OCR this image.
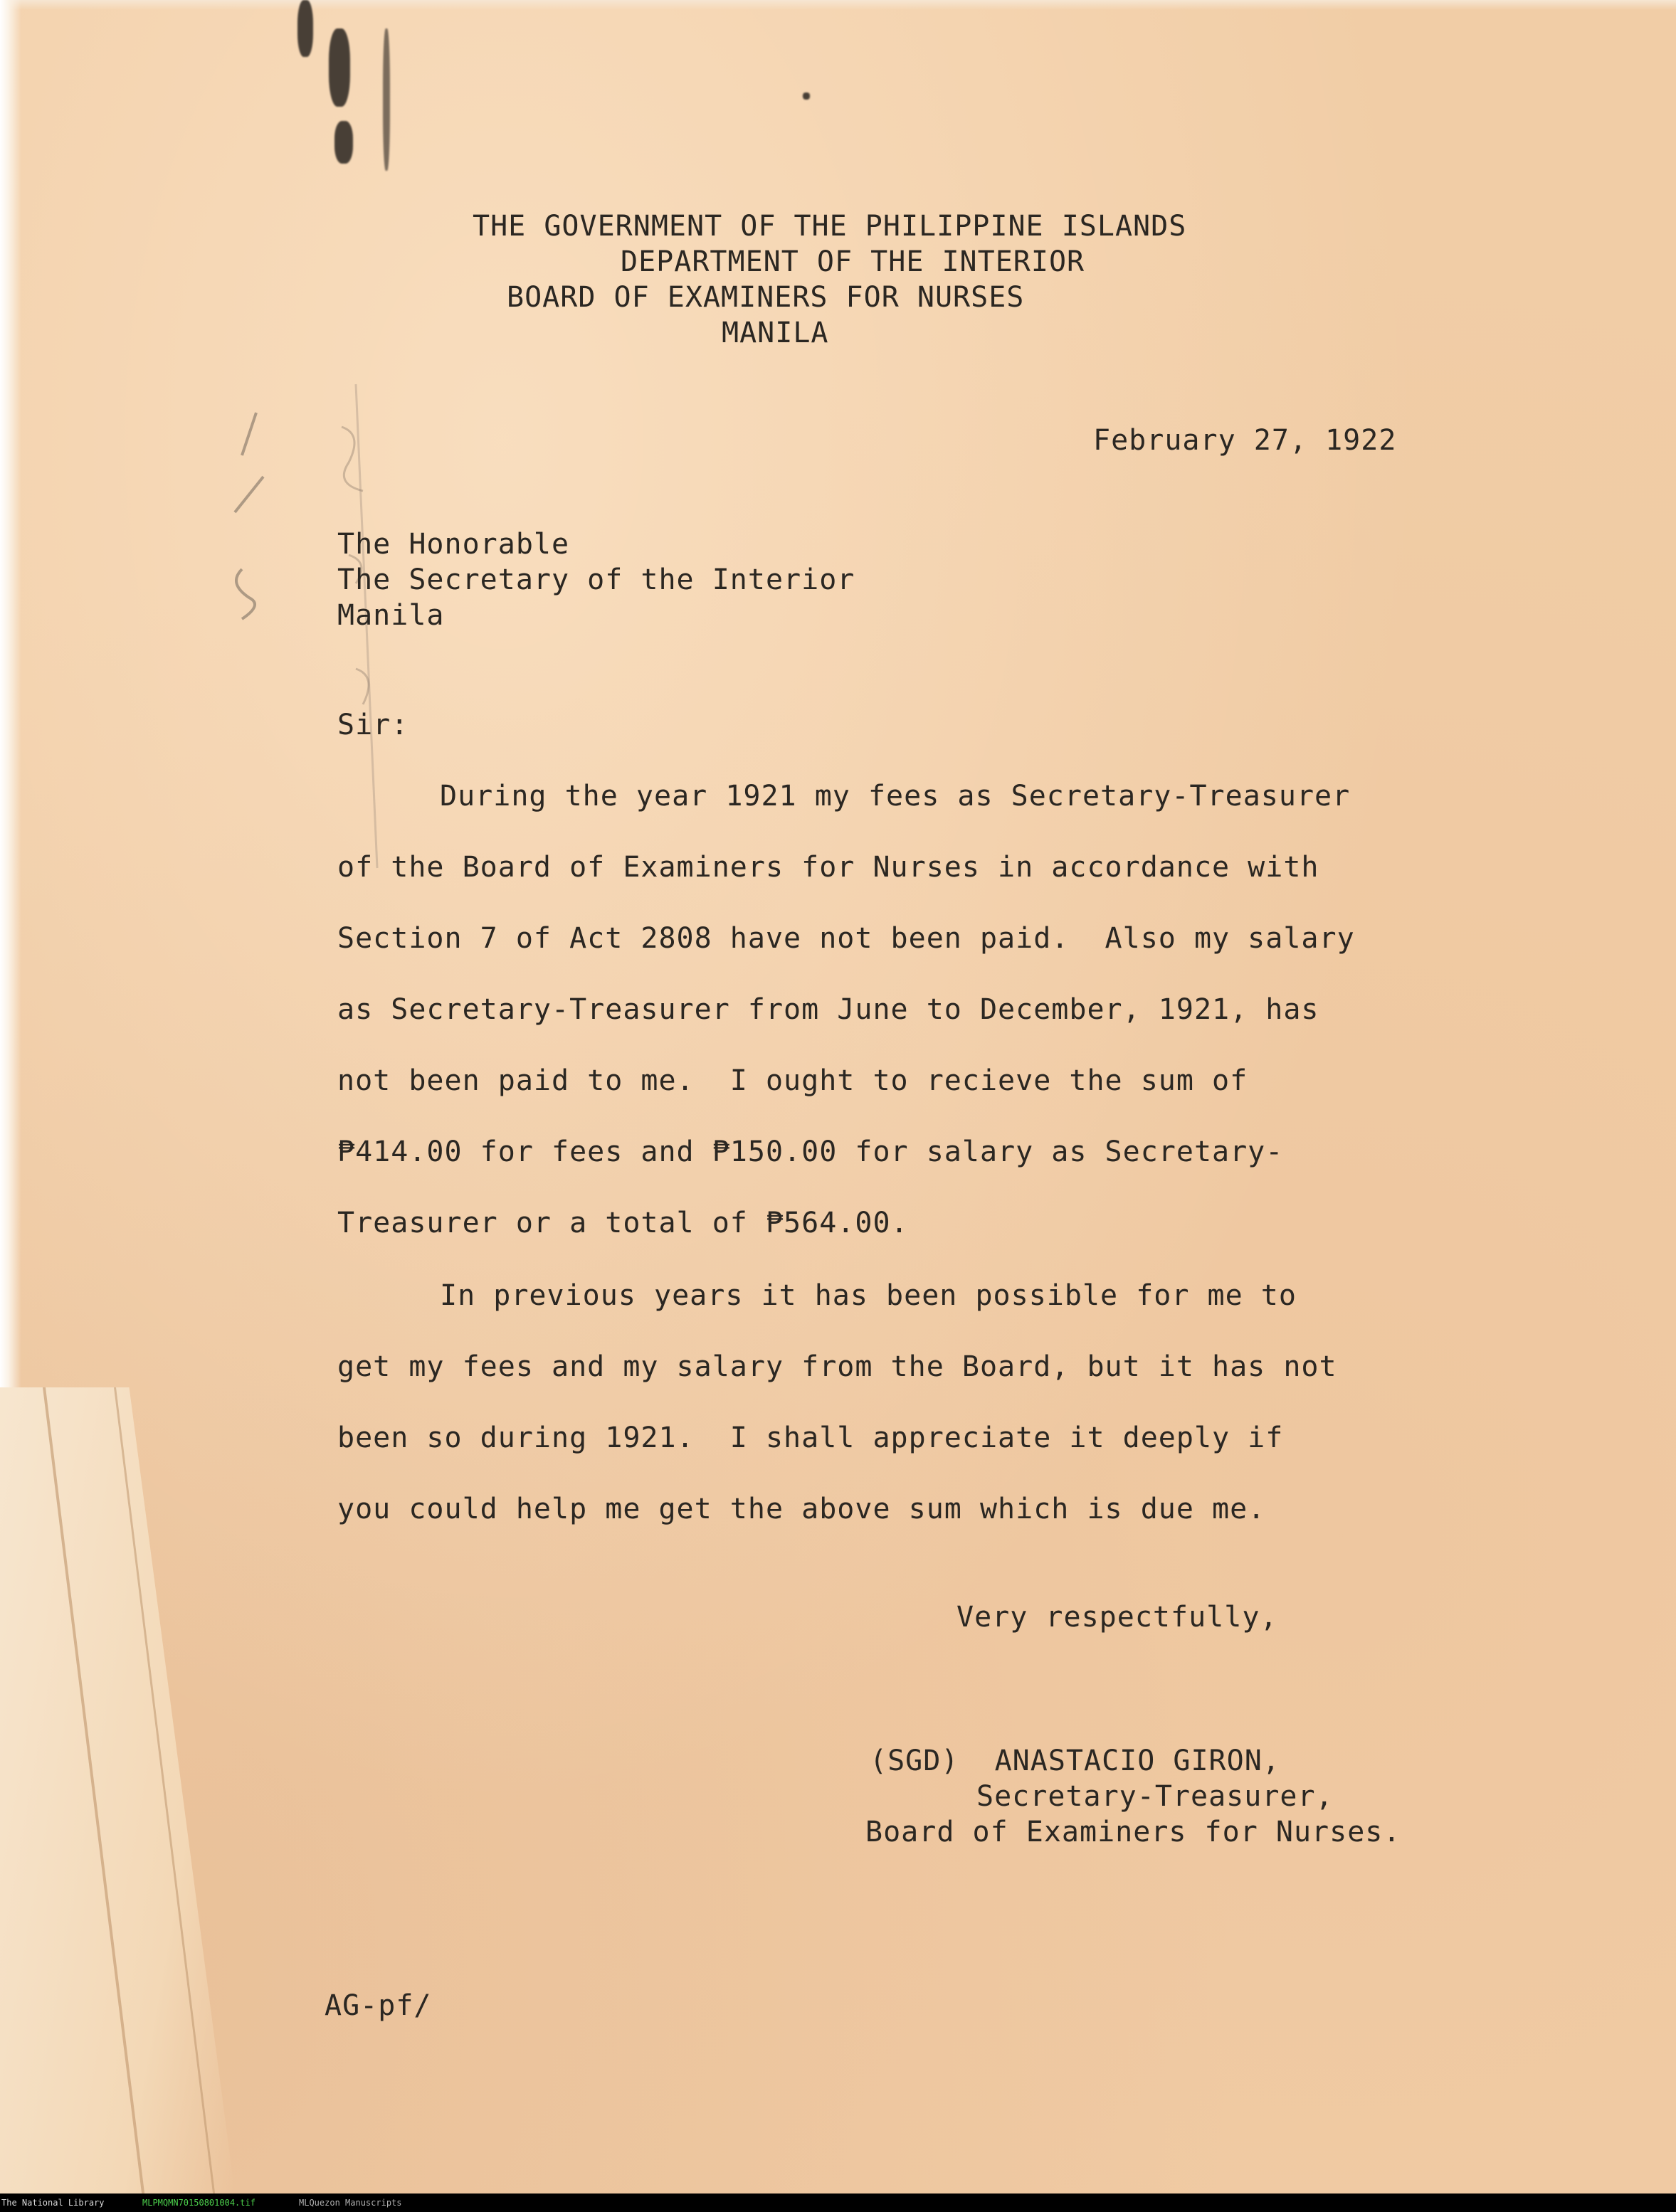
THE GOVERNMENT OF THE PHILIPPINE ISLANDS
DEPARTMENT OF THE INTERIOR
BOARD OF EXAMINERS FOR NURSES
MANILA
February 27, 1922
The Honorable
The Secretary of the Interior
Manila
Sir:
During the year 1921 my fees as Secretary-Treasurer
of the Board of Examiners for Nurses in accordance with
Section 7 of Act 2808 have not been paid.  Also my salary
as Secretary-Treasurer from June to December, 1921, has
not been paid to me.  I ought to recieve the sum of
₱414.00 for fees and ₱150.00 for salary as Secretary-
Treasurer or a total of ₱564.00.
In previous years it has been possible for me to
get my fees and my salary from the Board, but it has not
been so during 1921.  I shall appreciate it deeply if
you could help me get the above sum which is due me.
Very respectfully,
(SGD)  ANASTACIO GIRON,
Secretary-Treasurer,
Board of Examiners for Nurses.
AG-pf/
The National Library	MLPMQMN70150801004.tif	MLQuezon Manuscripts
